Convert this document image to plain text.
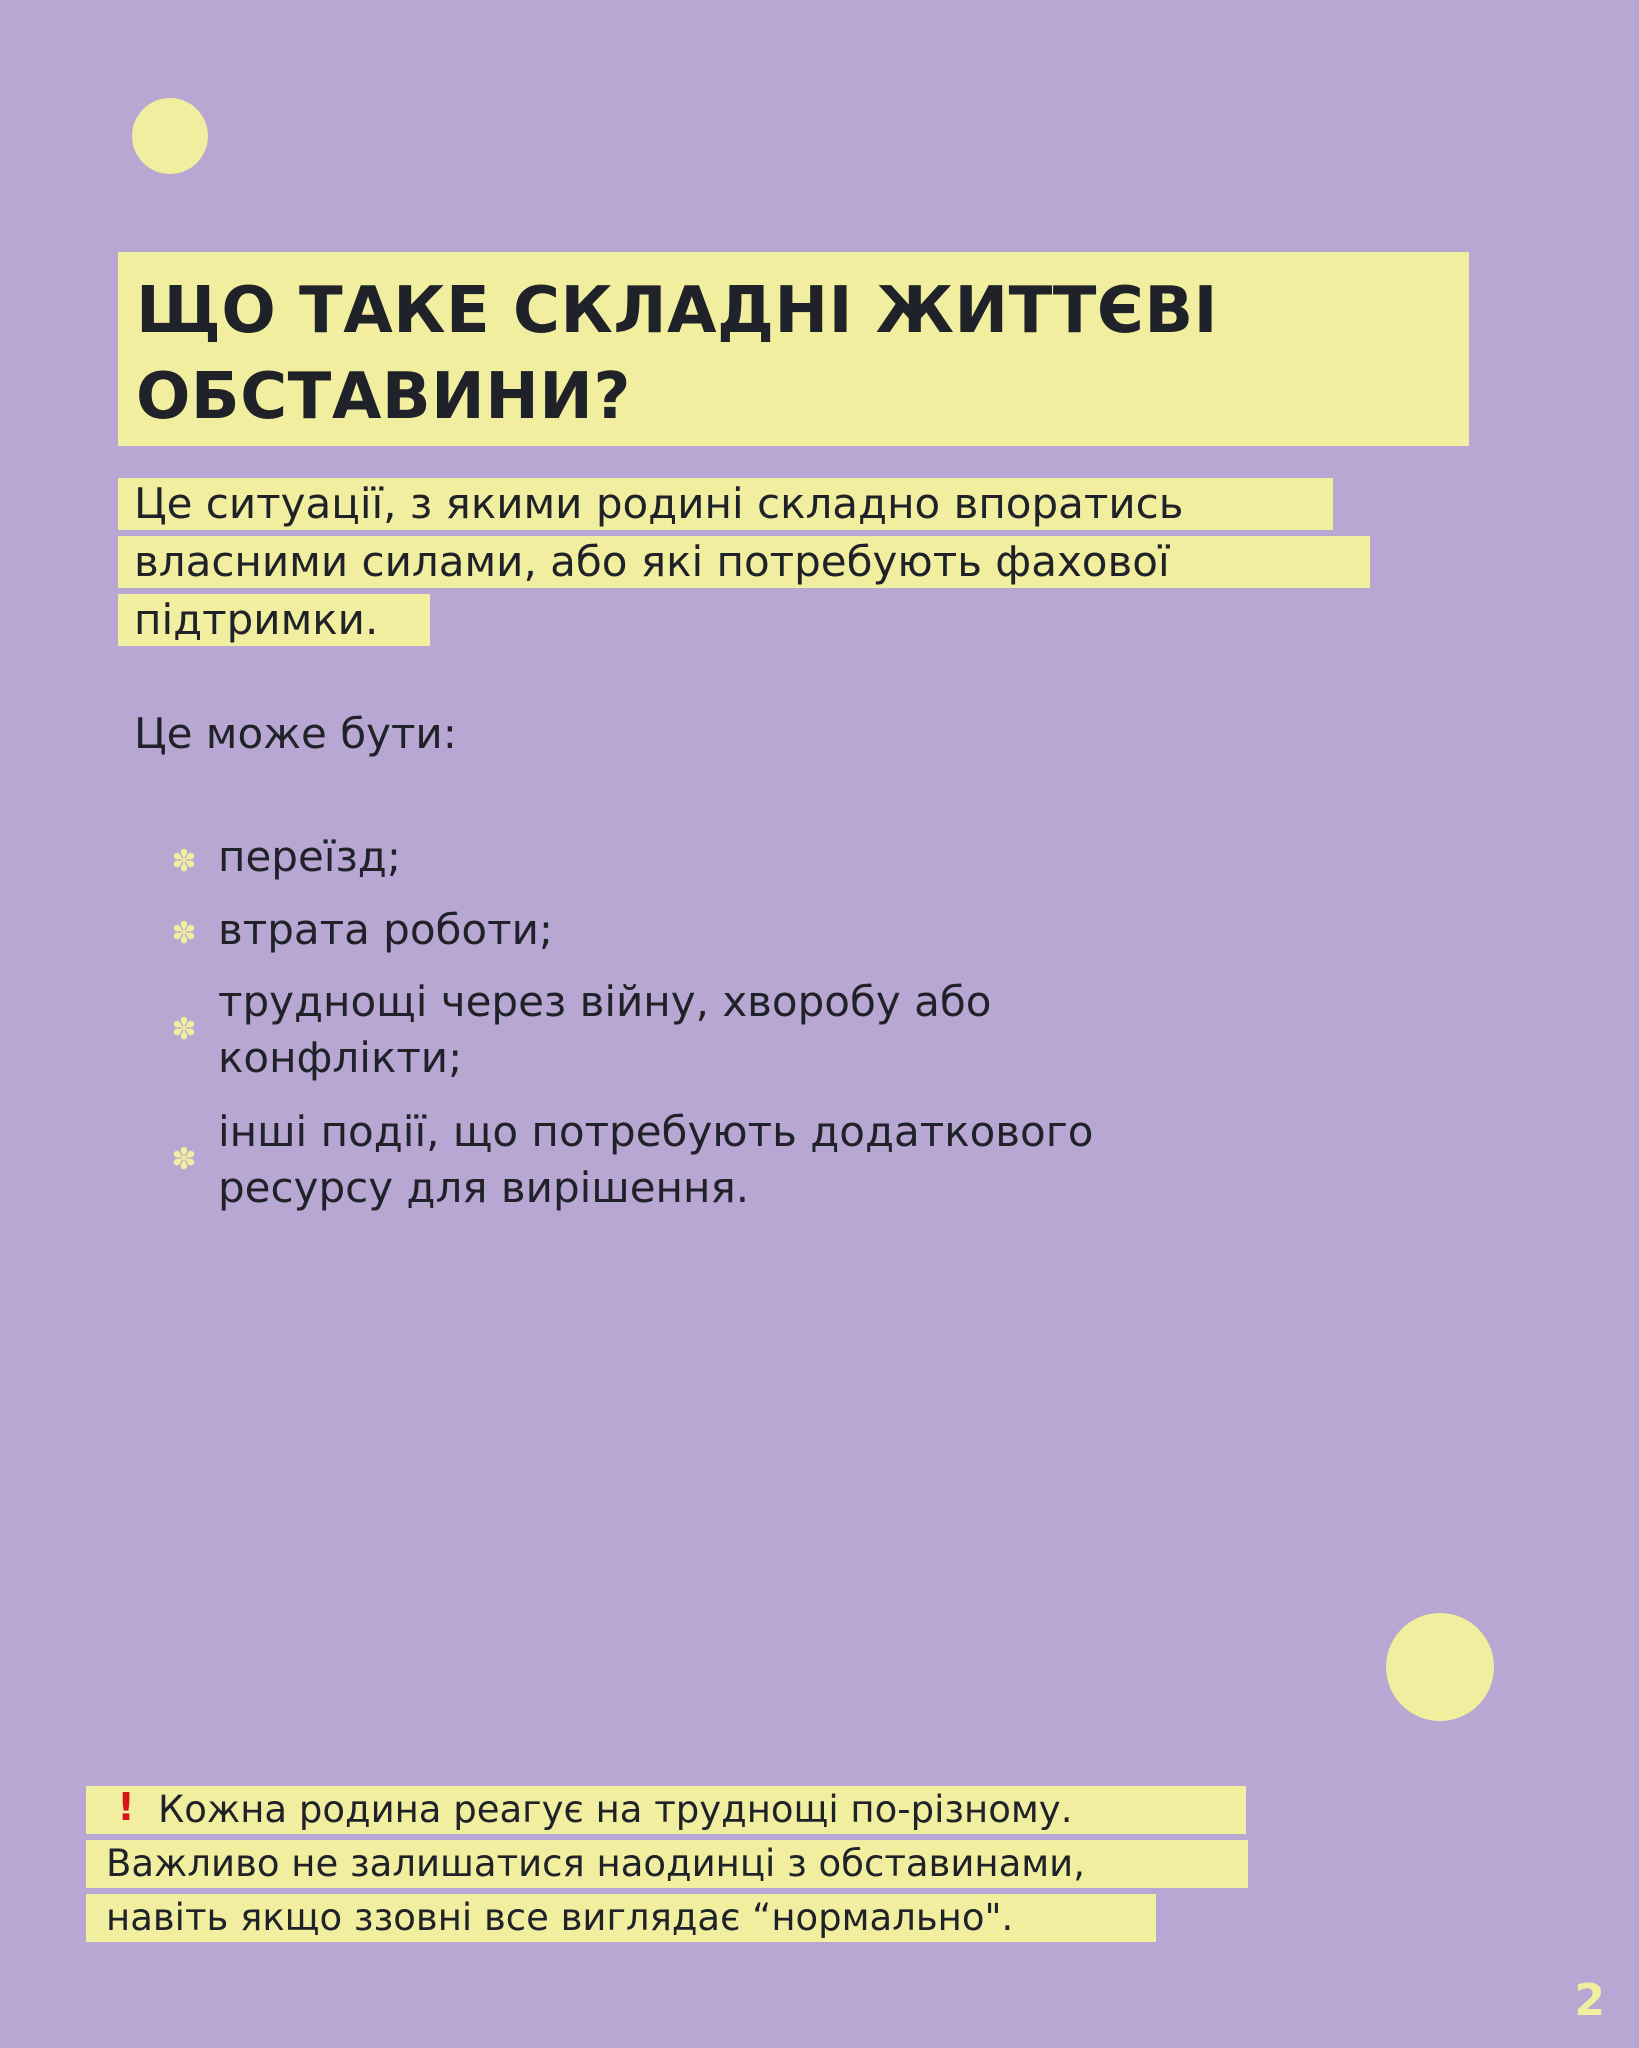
ЩО ТАКЕ СКЛАДНІ ЖИТТЄВІ
ОБСТАВИНИ?
Це ситуації, з якими родині складно впоратись
власними силами, або які потребують фахової
підтримки.
Це може бути:
✽ переїзд;
✽ втрата роботи;
✽
труднощі через війну, хворобу або
конфлікти;
✽
інші події, що потребують додаткового
ресурсу для вирішення.
Кожна родина реагує на труднощі по-різному.
!
Важливо не залишатися наодинці з обставинами,
навіть якщо ззовні все виглядає “нормально".
2
